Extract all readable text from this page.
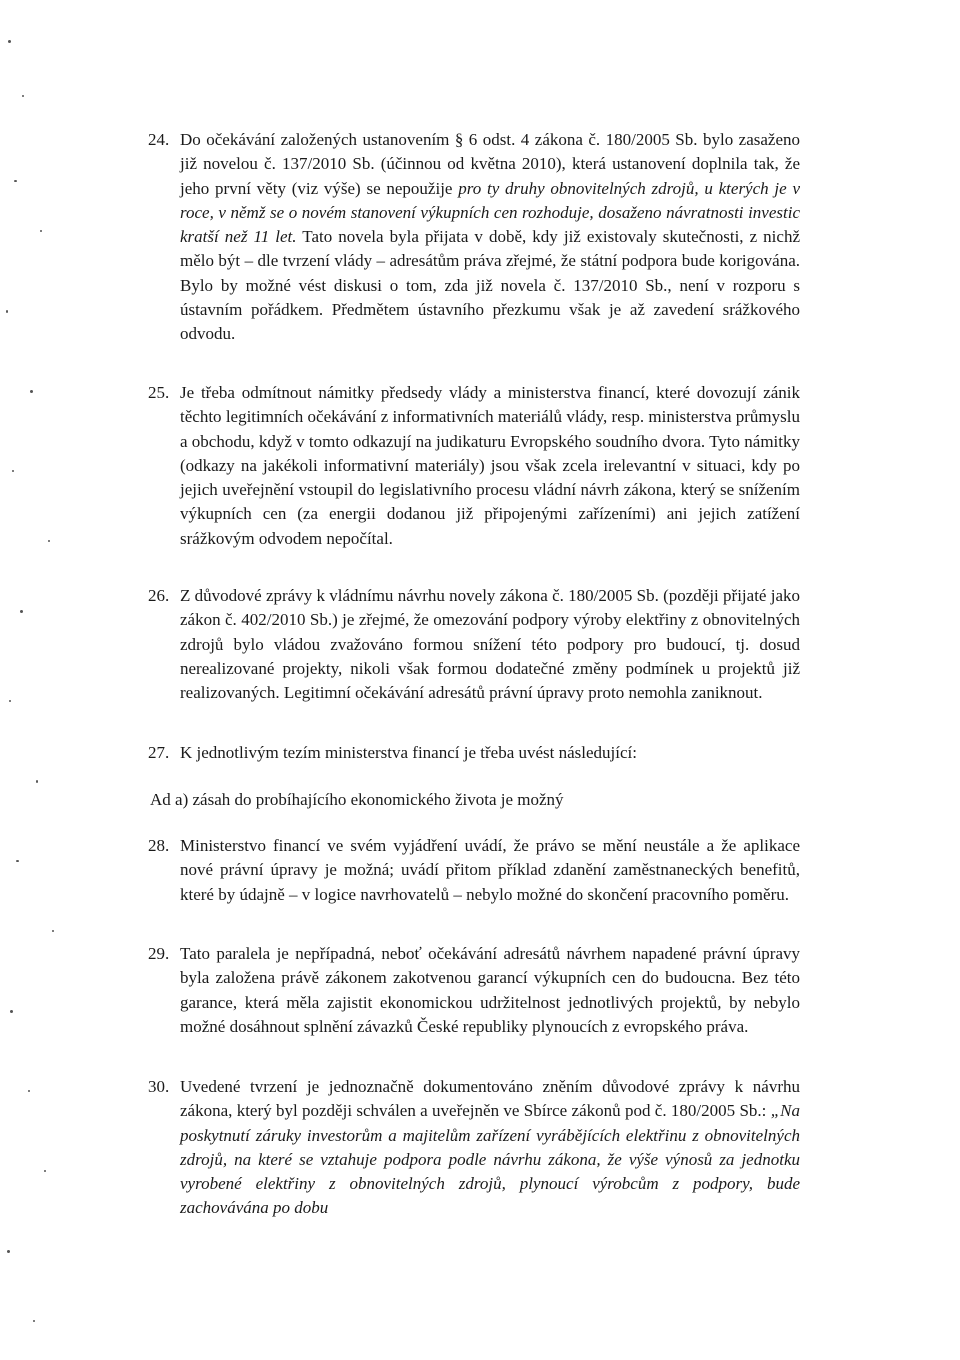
24. Do očekávání založených ustanovením § 6 odst. 4 zákona č. 180/2005 Sb. bylo zasaženo již novelou č. 137/2010 Sb. (účinnou od května 2010), která ustanovení doplnila tak, že jeho první věty (viz výše) se nepoužije pro ty druhy obnovitelných zdrojů, u kterých je v roce, v němž se o novém stanovení výkupních cen rozhoduje, dosaženo návratnosti investic kratší než 11 let. Tato novela byla přijata v době, kdy již existovaly skutečnosti, z nichž mělo být – dle tvrzení vlády – adresátům práva zřejmé, že státní podpora bude korigována. Bylo by možné vést diskusi o tom, zda již novela č. 137/2010 Sb., není v rozporu s ústavním pořádkem. Předmětem ústavního přezkumu však je až zavedení srážkového odvodu.
25. Je třeba odmítnout námitky předsedy vlády a ministerstva financí, které dovozují zánik těchto legitimních očekávání z informativních materiálů vlády, resp. ministerstva průmyslu a obchodu, když v tomto odkazují na judikaturu Evropského soudního dvora. Tyto námitky (odkazy na jakékoli informativní materiály) jsou však zcela irelevantní v situaci, kdy po jejich uveřejnění vstoupil do legislativního procesu vládní návrh zákona, který se snížením výkupních cen (za energii dodanou již připojenými zařízeními) ani jejich zatížení srážkovým odvodem nepočítal.
26. Z důvodové zprávy k vládnímu návrhu novely zákona č. 180/2005 Sb. (později přijaté jako zákon č. 402/2010 Sb.) je zřejmé, že omezování podpory výroby elektřiny z obnovitelných zdrojů bylo vládou zvažováno formou snížení této podpory pro budoucí, tj. dosud nerealizované projekty, nikoli však formou dodatečné změny podmínek u projektů již realizovaných. Legitimní očekávání adresátů právní úpravy proto nemohla zaniknout.
27. K jednotlivým tezím ministerstva financí je třeba uvést následující:
Ad a) zásah do probíhajícího ekonomického života je možný
28. Ministerstvo financí ve svém vyjádření uvádí, že právo se mění neustále a že aplikace nové právní úpravy je možná; uvádí přitom příklad zdanění zaměstnaneckých benefitů, které by údajně – v logice navrhovatelů – nebylo možné do skončení pracovního poměru.
29. Tato paralela je nepřípadná, neboť očekávání adresátů návrhem napadené právní úpravy byla založena právě zákonem zakotvenou garancí výkupních cen do budoucna. Bez této garance, která měla zajistit ekonomickou udržitelnost jednotlivých projektů, by nebylo možné dosáhnout splnění závazků České republiky plynoucích z evropského práva.
30. Uvedené tvrzení je jednoznačně dokumentováno zněním důvodové zprávy k návrhu zákona, který byl později schválen a uveřejněn ve Sbírce zákonů pod č. 180/2005 Sb.: „Na poskytnutí záruky investorům a majitelům zařízení vyrábějících elektřinu z obnovitelných zdrojů, na které se vztahuje podpora podle návrhu zákona, že výše výnosů za jednotku vyrobené elektřiny z obnovitelných zdrojů, plynoucí výrobcům z podpory, bude zachovávána po dobu
